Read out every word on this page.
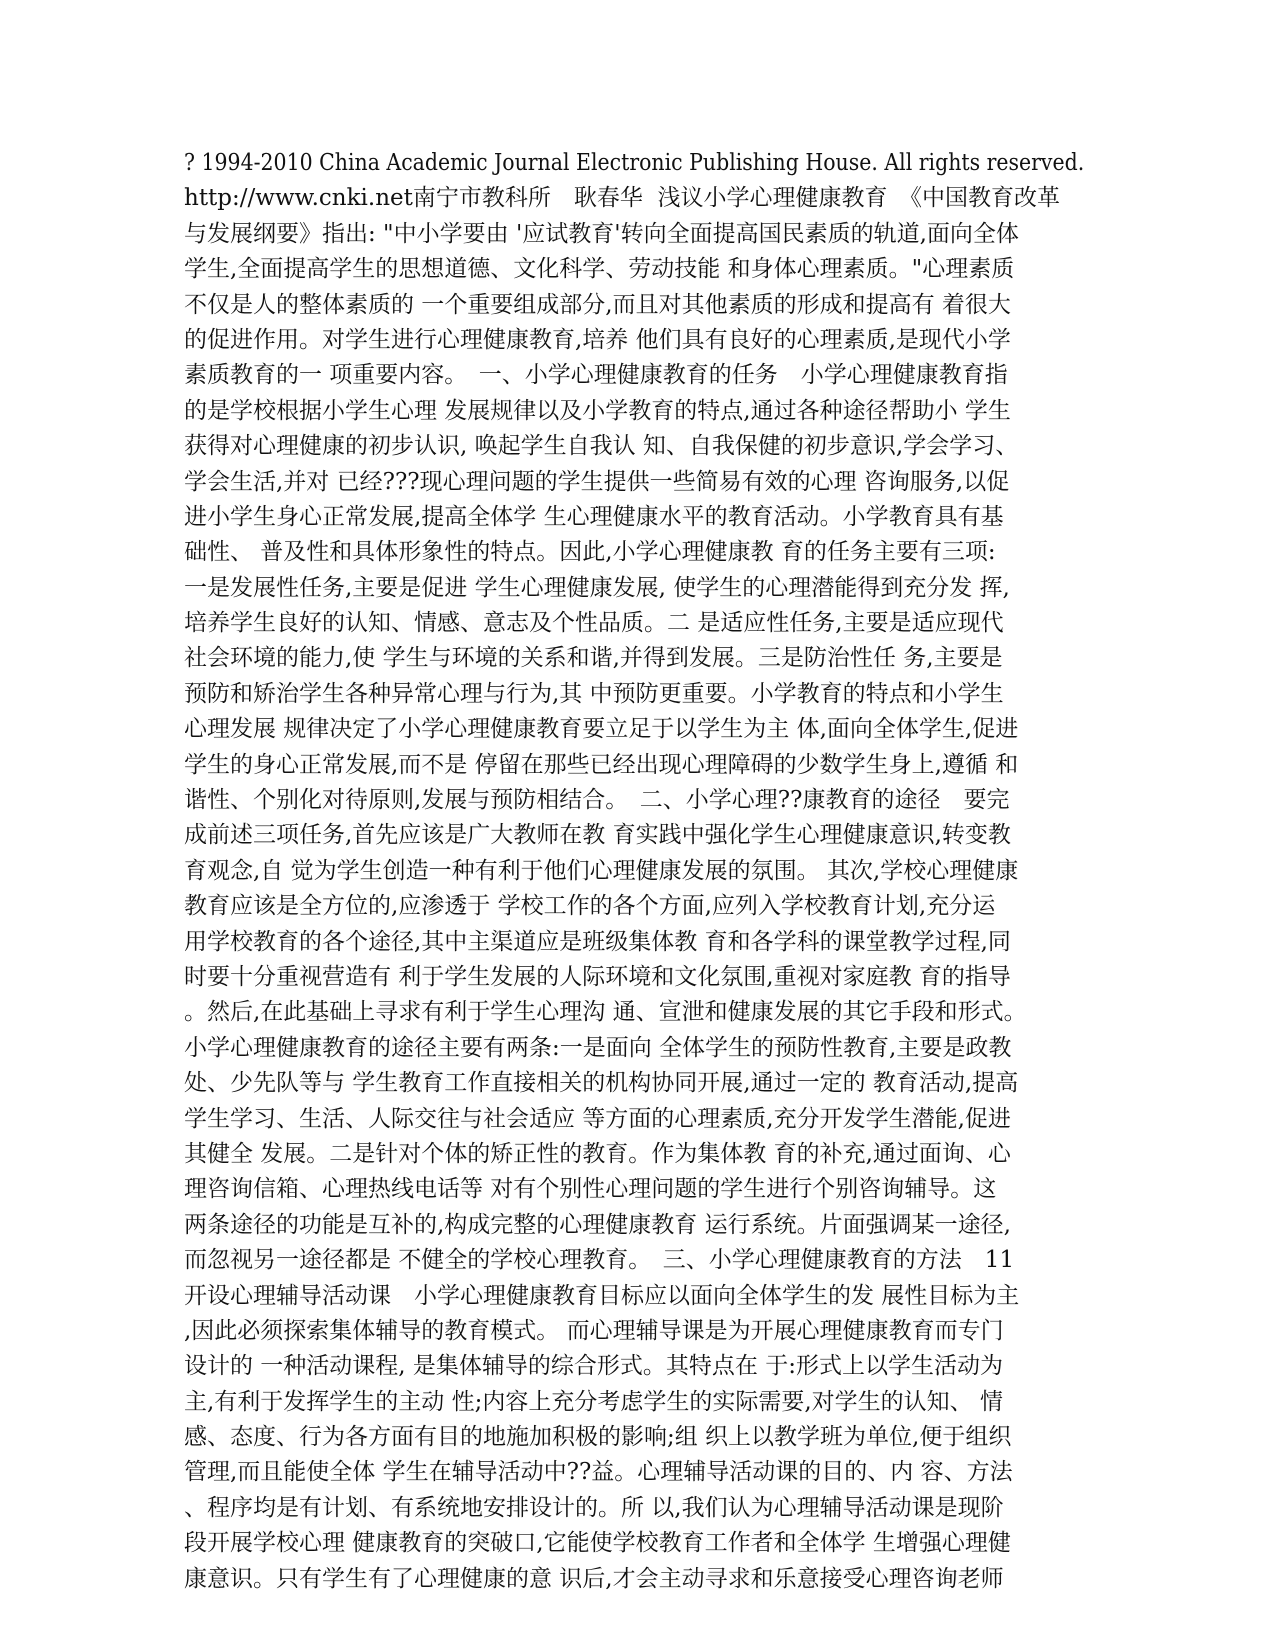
? 1994-2010 China Academic Journal Electronic Publishing House. All rights reserved.
http://www.cnki.net南宁市教科所　耿春华  浅议小学心理健康教育　《中国教育改革
与发展纲要》指出: "中小学要由 '应试教育'转向全面提高国民素质的轨道,面向全体
学生,全面提高学生的思想道德、文化科学、劳动技能 和身体心理素质。"心理素质
不仅是人的整体素质的 一个重要组成部分,而且对其他素质的形成和提高有 着很大
的促进作用。对学生进行心理健康教育,培养 他们具有良好的心理素质,是现代小学
素质教育的一 项重要内容。　一、小学心理健康教育的任务　小学心理健康教育指
的是学校根据小学生心理 发展规律以及小学教育的特点,通过各种途径帮助小 学生
获得对心理健康的初步认识, 唤起学生自我认 知、自我保健的初步意识,学会学习、
学会生活,并对 已经???现心理问题的学生提供一些简易有效的心理 咨询服务,以促
进小学生身心正常发展,提高全体学 生心理健康水平的教育活动。小学教育具有基
础性、 普及性和具体形象性的特点。因此,小学心理健康教 育的任务主要有三项:
一是发展性任务,主要是促进 学生心理健康发展, 使学生的心理潜能得到充分发 挥,
培养学生良好的认知、情感、意志及个性品质。二 是适应性任务,主要是适应现代
社会环境的能力,使 学生与环境的关系和谐,并得到发展。三是防治性任 务,主要是
预防和矫治学生各种异常心理与行为,其 中预防更重要。小学教育的特点和小学生
心理发展 规律决定了小学心理健康教育要立足于以学生为主 体,面向全体学生,促进
学生的身心正常发展,而不是 停留在那些已经出现心理障碍的少数学生身上,遵循 和
谐性、个别化对待原则,发展与预防相结合。　二、小学心理??康教育的途径　要完
成前述三项任务,首先应该是广大教师在教 育实践中强化学生心理健康意识,转变教
育观念,自 觉为学生创造一种有利于他们心理健康发展的氛围。 其次,学校心理健康
教育应该是全方位的,应渗透于 学校工作的各个方面,应列入学校教育计划,充分运
用学校教育的各个途径,其中主渠道应是班级集体教 育和各学科的课堂教学过程,同
时要十分重视营造有 利于学生发展的人际环境和文化氛围,重视对家庭教 育的指导
。然后,在此基础上寻求有利于学生心理沟 通、宣泄和健康发展的其它手段和形式。
小学心理健康教育的途径主要有两条:一是面向 全体学生的预防性教育,主要是政教
处、少先队等与 学生教育工作直接相关的机构协同开展,通过一定的 教育活动,提高
学生学习、生活、人际交往与社会适应 等方面的心理素质,充分开发学生潜能,促进
其健全 发展。二是针对个体的矫正性的教育。作为集体教 育的补充,通过面询、心
理咨询信箱、心理热线电话等 对有个别性心理问题的学生进行个别咨询辅导。这
两条途径的功能是互补的,构成完整的心理健康教育 运行系统。片面强调某一途径,
而忽视另一途径都是 不健全的学校心理教育。　三、小学心理健康教育的方法　11
开设心理辅导活动课　小学心理健康教育目标应以面向全体学生的发 展性目标为主
,因此必须探索集体辅导的教育模式。 而心理辅导课是为开展心理健康教育而专门
设计的 一种活动课程, 是集体辅导的综合形式。其特点在 于:形式上以学生活动为
主,有利于发挥学生的主动 性;内容上充分考虑学生的实际需要,对学生的认知、 情
感、态度、行为各方面有目的地施加积极的影响;组 织上以教学班为单位,便于组织
管理,而且能使全体 学生在辅导活动中??益。心理辅导活动课的目的、内 容、方法
、程序均是有计划、有系统地安排设计的。所 以,我们认为心理辅导活动课是现阶
段开展学校心理 健康教育的突破口,它能使学校教育工作者和全体学 生增强心理健
康意识。只有学生有了心理健康的意 识后,才会主动寻求和乐意接受心理咨询老师
